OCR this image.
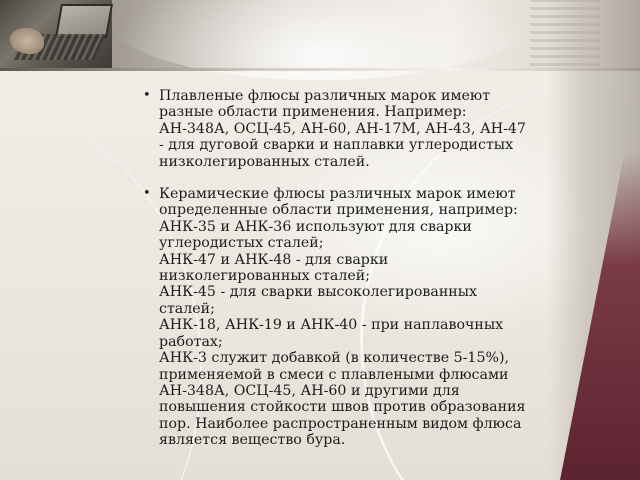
• Плавленые флюсы различных марок имеют разные области применения. Например:
АН-348А, ОСЦ-45, АН-60, АН-17М, АН-43, АН-47 - для дуговой сварки и наплавки углеродистых низколегированных сталей.
• Керамические флюсы различных марок имеют определенные области применения, например:
АНК-35 и АНК-36 используют для сварки углеродистых сталей;
АНК-47 и АНК-48 - для сварки низколегированных сталей;
АНК-45 - для сварки высоколегированных сталей;
АНК-18, АНК-19 и АНК-40 - при наплавочных работах;
АНК-3 служит добавкой (в количестве 5-15%), применяемой в смеси с плавлеными флюсами АН-348А, ОСЦ-45, АН-60 и другими для повышения стойкости швов против образования пор. Наиболее распространенным видом флюса является вещество бура.
